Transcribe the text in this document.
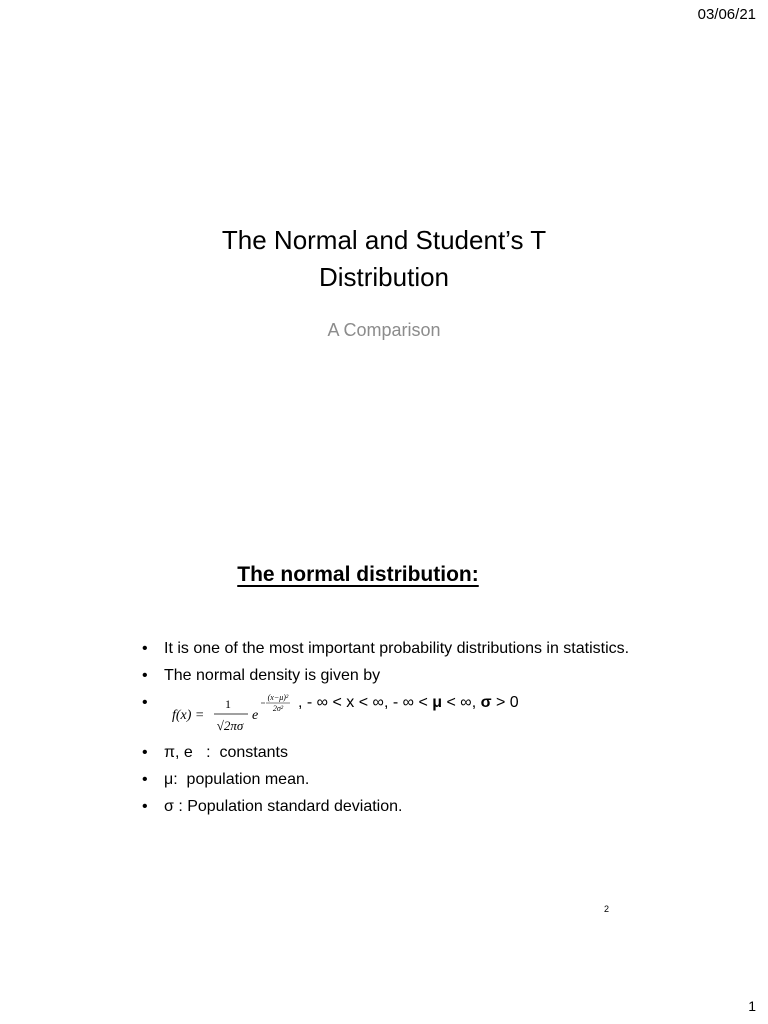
03/06/21
The Normal and Student’s T
Distribution
A Comparison
The normal distribution:
• It is one of the most important probability distributions in statistics.
• The normal density is given by
•
f(x) =
1
√2πσ
e
(x−μ)²
2σ² , - ∞ < x < ∞, - ∞ < μ < ∞, σ > 0
• π, e   :  constants
• μ:  population mean.
• σ : Population standard deviation.
2
1
